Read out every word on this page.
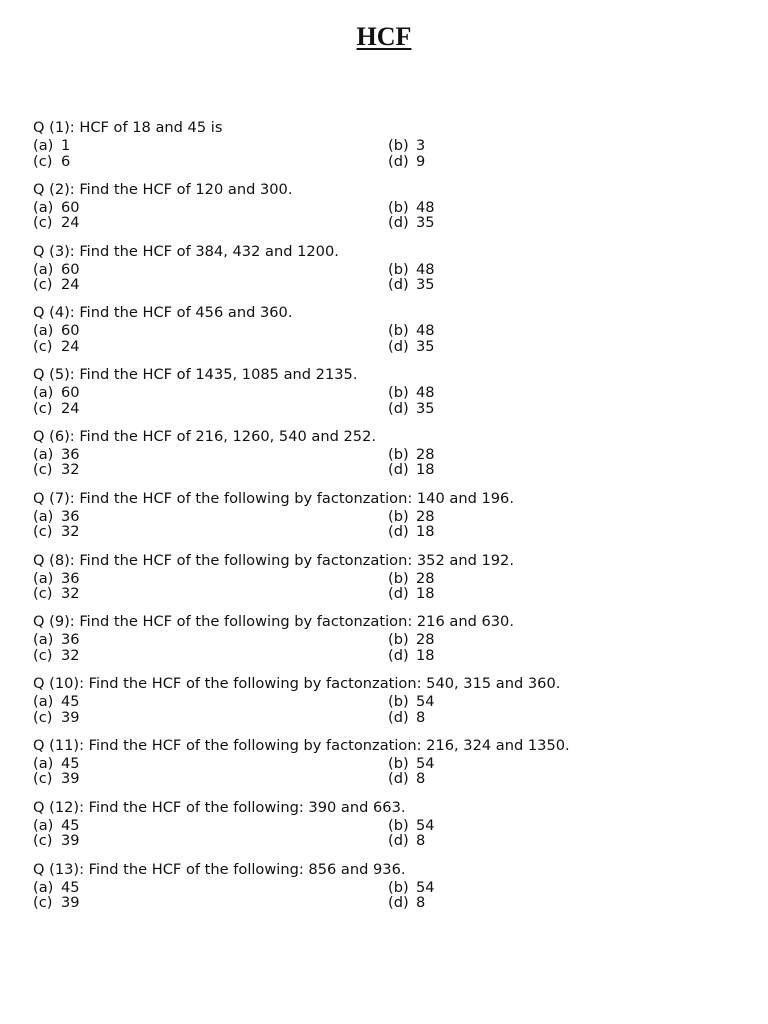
HCF
Q (1): HCF of 18 and 45 is
(a) 1	(b) 3
(c) 6	(d) 9
Q (2): Find the HCF of 120 and 300.
(a) 60	(b) 48
(c) 24	(d) 35
Q (3): Find the HCF of 384, 432 and 1200.
(a) 60	(b) 48
(c) 24	(d) 35
Q (4): Find the HCF of 456 and 360.
(a) 60	(b) 48
(c) 24	(d) 35
Q (5): Find the HCF of 1435, 1085 and 2135.
(a) 60	(b) 48
(c) 24	(d) 35
Q (6): Find the HCF of 216, 1260, 540 and 252.
(a) 36	(b) 28
(c) 32	(d) 18
Q (7): Find the HCF of the following by factonzation: 140 and 196.
(a) 36	(b) 28
(c) 32	(d) 18
Q (8): Find the HCF of the following by factonzation: 352 and 192.
(a) 36	(b) 28
(c) 32	(d) 18
Q (9): Find the HCF of the following by factonzation: 216 and 630.
(a) 36	(b) 28
(c) 32	(d) 18
Q (10): Find the HCF of the following by factonzation: 540, 315 and 360.
(a) 45	(b) 54
(c) 39	(d) 8
Q (11): Find the HCF of the following by factonzation: 216, 324 and 1350.
(a) 45	(b) 54
(c) 39	(d) 8
Q (12): Find the HCF of the following: 390 and 663.
(a) 45	(b) 54
(c) 39	(d) 8
Q (13): Find the HCF of the following: 856 and 936.
(a) 45	(b) 54
(c) 39	(d) 8
